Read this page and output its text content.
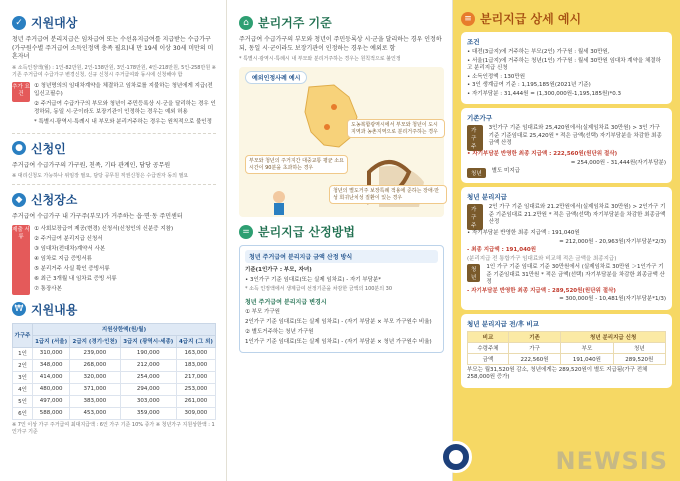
✓ 지원대상

청년 주거급여 분리지급은 임차급여 또는 수선유지급여를 지급받는 수급가구(가구원수별 주거급여 소득인정액 충족 필요)내 만 19세 이상 30세 미만의 미혼자녀

※ 소득인정액(월) : 1인-82만원, 2인-138만원, 3인-178만원, 4인-218만원, 5인-258만원 ※ 기존 주거급여 수급가구 변경신청, 신규 신청시 주거급여와 동시에 신청해야 함

추가 요건
① 청년명의의 임대차계약을 체결하고 임차료를 지불하는 청년에게 지급(전입신고필수)
② 주거급여 수급가구의 부모와 청년이 주민등록상 시·군을 달리하는 경우 인정하되, 동일 시·군이라도 보장기관이 인정하는 경우는 예외 허용
* 특별시·광역시·특례시 내 부모와 분리거주하는 경우는 원칙적으로 불인정
● 신청인

주거급여 수급가구의 가구원, 친족, 기타 관계인, 담당 공무원

※ 대리신청도 가능하나 위임장 필요, 담당 공무원 직권신청은 수급권자 동의 필요

◆ 신청장소

주거급여 수급가구 내 가구주(부모)가 거주하는 읍·면·동 주민센터

제출 서류
① 사회보장급여 제공(변경) 신청서(신청인의 신분증 지참)
② 주거급여 분리지급 신청서
③ 임대차(전대차)계약서 사본
④ 임차료 지급 증빙서류
⑤ 분리거주 사실 확인 증빙서류
⑥ 최근 3개월 내 임차료 증빙 서류
⑦ 통장사본
₩ 지원내용
가구주	지원상한액(원/월)			
	1급지 (서울)	2급지 (경기·인천)	3급지 (광역시·세종)	4급지 (그 외)
1인	310,000	239,000	190,000	163,000
2인	348,000	268,000	212,000	183,000
3인	414,000	320,000	254,000	217,000
4인	480,000	371,000	294,000	253,000
5인	497,000	383,000	303,000	261,000
6인	588,000	453,000	359,000	309,000

※ 7인 이상 가구 주거급여 최대지급액 : 6인 가구 기준 10% 증가 ※ 청년가구 지원상한액 : 1인가구 기준

⌂ 분리거주 기준

주거급여 수급가구의 부모와 청년이 주민등록상 시·군을 달리하는 경우 인정하되, 동일 시·군이라도 보장기관이 인정하는 경우는 예외로 함

* 특별시·광역시·특례시 내 부모와 분리거주하는 경우는 원칙적으로 불인정

예외인정사례 예시
도농복합광역시에서 부모와 청년이 도시지역과 농촌지역으로 분리거주하는 경우
부모와 청년의 주거지간 대중교통 평균 소요시간이 90분을 초과하는 경우
청년의 별도거주 보장특례 적용에 준하는 장애·만성 희귀난치성 질환이 있는 경우
= 분리지급 산정방법
청년 주거급여 분리지급 금액 산정 방식

기준(1인가구 : 부모, 자녀)

• 3인가구 기준 임대료(또는 실제 임차료) - 자기 부담분*

* 소득 인정액에서 생계급여 선정기준을 차감한 금액의 100분의 30

청년 주거급여 분리지급 변경시

① 부모 가구원

2인가구 기준 임대료(또는 실제 임차료) - (자기 부담분 × 부모 가구원수 비율)

② 별도거주하는 청년 가구원

1인가구 기준 임대료(또는 실제 임차료) - (자기 부담분 × 청년 가구원수 비율)

≡ 분리지급 상세 예시
조건

• 대전(3급지)에 거주하는 부모(2인) 가구원 : 월세 30만원,

• 서울(1급지)에 거주하는 청년(1인) 가구원 : 월세 30만원 임대차 계약을 체결하고 분리지급 신청

• 소득인정액 : 130만원

• 3인 생계급여 기준 : 1,195,185원(2021년 기준)

• 자기부담분 : 31,444원 = (1,300,000원-1,195,185원)*0.3

기존가구
가구주

3인가구 기준 임대료와 25,420원에서(실제임차료 30만원) > 3인 가구 기준 기준임대료 25,420원 * 적은 금액(선택) 자기부담분을 차감한 최종금액 산정

• 자기부담분 반영한 최종 지급액 : 222,560원(원단위 절삭)

= 254,000원 - 31,444원(자기부담분)

청년	별도 미지급

청년 분리지급
가구주

2인 가구 기준 임대료와 21.2만원에서(실제임차료 30만원) > 2인가구 기준 기준임대료 21.2만원 * 적은 금액(선택) 자기부담분을 차감한 최종금액 산정

• 자기부담분 반영한 최종 지급액 : 191,040원

= 212,000원 - 20,963원(자기부담분*2/3)

- 최종 지급액 : 191,040원

(분리지급 전 통합가구 임대료와 비교해 적은 금액을 최종지급)

청년

1인 가구 기준 임대료 기준 30만원에서 (실제임차료 30만원 ＞1인가구 기준 기준임대료 31만원 * 적은 금액(선택) 자기부담분을 차감한 최종금액 산정

- 자기부담분 반영한 최종 지급액 : 289,520원(원단위 절삭)

= 300,000원 - 10,481원(자기부담분*1/3)

청년 분리지급 전/후 비교
비교	기존	청년 분리지급 신청	
수령주체	가구	부모	청년
금액	222,560원	191,040원	289,520원

부모는 월31,520원 감소, 청년에게는 289,520원이 별도 지급됨(가구 전체 258,000원 증가)

NEWSIS
